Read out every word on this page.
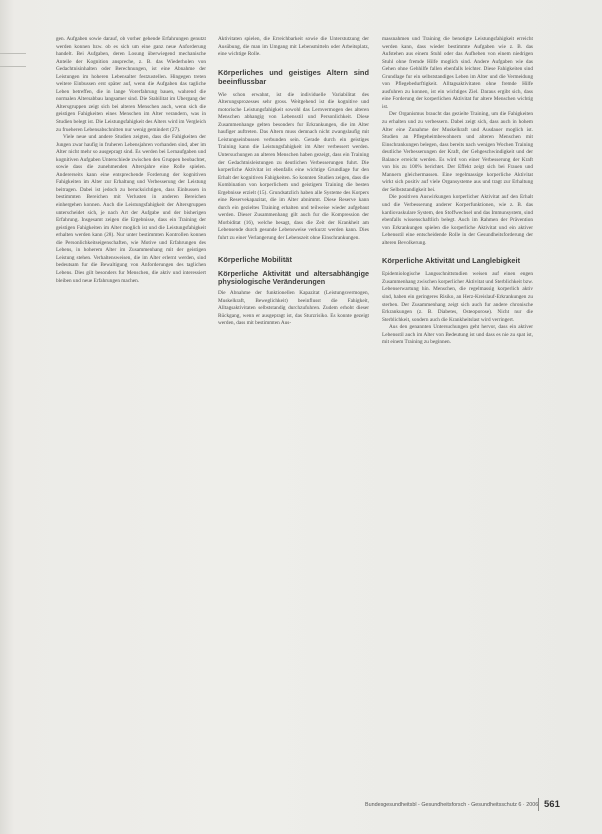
gen. Aufgaben sowie darauf, ob vorher gehende Erfahrungen genutzt werden konnen bzw. ob es sich um eine ganz neue Anforderung handelt. Bei Aufgaben, deren Losung überwiegend mechanische Anteile der Kognition anspreche, z. B. das Wiederholen von Gedachtnisinhalten oder Berechnungen, ist eine Abnahme der Leistungen im hoheren Lebensalter festzustellen. Hingegen treten weitere Einbussen erst später auf, wenn die Aufgaben das tagliche Leben betreffen, die in lange Vorerfahrung bauen, wahrend die normalen Altersabbau langsamer sind. Die Stabilitat im Ubergang der Altersgruppen zeigt sich bei alteren Menschen auch, wenn sich die geistigen Fahigkeiten eines Menschen im Alter verandern, was in Studien belegt ist. Die Leistungsfahigkeit des Alters wird im Vergleich zu frueheren Lebensabschnitten nur wenig gemindert (27).

Viele neue und andere Studien zeigten, dass die Fahigkeiten der Jungen zwar haufig in fruheren Lebensjahren vorhanden sind, aber im Alter nicht mehr so ausgepragt sind. Es werden bei Lernaufgaben und kognitiven Aufgaben Unterschiede zwischen den Gruppen beobachtet, sowie dass die zunehmenden Altersjahre eine Rolle spielen. Andererseits kann eine entsprechende Forderung der kognitiven Fahigkeiten im Alter zur Erhaltung und Verbesserung der Leistung beitragen. Dabei ist jedoch zu berucksichtigen, dass Einbussen in bestimmten Bereichen mit Verlusten in anderen Bereichen einhergehen konnen. Auch die Leistungsfahigkeit der Altersgruppen unterscheidet sich, je nach Art der Aufgabe und der bisherigen Erfahrung. Insgesamt zeigen die Ergebnisse, dass ein Training der geistigen Fahigkeiten im Alter moglich ist und die Leistungsfahigkeit erhalten werden kann (28). Nur unter bestimmten Kontrollen konnen die Personlichkeitseigenschaften, wie Motive und Erfahrungen des Lebens, in hoherem Alter im Zusammenhang mit der geistigen Leistung stehen. Verhaltensweisen, die im Alter erlernt werden, sind bedeutsam fur die Bewaltigung von Anforderungen des taglichen Lebens. Dies gilt besonders fur Menschen, die aktiv und interessiert bleiben und neue Erfahrungen machen.

Aktivitaten spielen, die Erreichbarkeit sowie die Unterstutzung der Ausübung, die man im Umgang mit Lebensmitteln oder Arbeitsplatz, eine wichtige Rolle.

Körperliches und geistiges Altern sind beeinflussbar

Wie schon erwahnt, ist die individuelle Variabilitat des Alterungsprozesses sehr gross. Weitgehend ist die kognitive und motorische Leistungsfahigkeit sowohl das Lernvermogen des alteren Menschen abhangig von Lebensstil und Personlichkeit. Diese Zusammenhange gelten besonders fur Erkrankungen, die im Alter haufiger auftreten. Das Altern muss demnach nicht zwangslaufig mit Leistungseinbussen verbunden sein. Gerade durch ein geistiges Training kann die Leistungsfahigkeit im Alter verbessert werden. Untersuchungen an alteren Menschen haben gezeigt, dass ein Training der Gedachtnisleistungen zu deutlichen Verbesserungen fuhrt. Die korperliche Aktivitat ist ebenfalls eine wichtige Grundlage fur den Erhalt der kognitiven Fahigkeiten. So konnten Studien zeigen, dass die Kombination von korperlichem und geistigem Training die besten Ergebnisse erzielt (15). Grundsatzlich haben alle Systeme des Korpers eine Reservekapazitat, die im Alter abnimmt. Diese Reserve kann durch ein gezieltes Training erhalten und teilweise wieder aufgebaut werden. Dieser Zusammenhang gilt auch fur die Kompression der Morbiditat (16), welche besagt, dass die Zeit der Krankheit am Lebensende durch gesunde Lebensweise verkurzt werden kann. Dies fuhrt zu einer Verlangerung der Lebenszeit ohne Einschrankungen.

Körperliche Mobilität
Körperliche Aktivität und altersabhängige physiologische Veränderungen

Die Abnahme der funktionellen Kapazitat (Leistungsvermogen, Muskelkraft, Beweglichkeit) beeinflusst die Fahigkeit, Alltagsaktivitaten selbststandig durchzufuhren. Zudem erhoht dieser Rückgang, wenn er ausgepragt ist, das Sturzrisiko. Es konnte gezeigt werden, dass mit bestimmten Aus-

massnahmen und Training die benotigte Leistungsfahigkeit erreicht werden kann, dass wieder bestimmte Aufgaben wie z. B. das Aufstehen aus einem Stuhl oder das Aufheben von einem niedrigen Stuhl ohne fremde Hilfe moglich sind. Andere Aufgaben wie das Gehen ohne Gehhilfe fallen ebenfalls leichter. Diese Fahigkeiten sind Grundlage fur ein selbststandiges Leben im Alter und die Vermeidung von Pflegebedurftigkeit. Alltagsaktivitaten ohne fremde Hilfe ausfuhren zu konnen, ist ein wichtiges Ziel. Daraus ergibt sich, dass eine Forderung der korperlichen Aktivitat fur altere Menschen wichtig ist.

Der Organismus braucht das gezielte Training, um die Fahigkeiten zu erhalten und zu verbessern. Dabei zeigt sich, dass auch in hohem Alter eine Zunahme der Muskelkraft und Ausdauer moglich ist. Studien an Pflegeheimbewohnern und alteren Menschen mit Einschrankungen belegen, dass bereits nach wenigen Wochen Training deutliche Verbesserungen der Kraft, der Gehgeschwindigkeit und der Balance erreicht werden. Es wird von einer Verbesserung der Kraft von bis zu 100% berichtet. Der Effekt zeigt sich bei Frauen und Mannern gleichermassen. Eine regelmassige korperliche Aktivitat wirkt sich positiv auf viele Organsysteme aus und tragt zur Erhaltung der Selbststandigkeit bei.

Die positiven Auswirkungen korperlicher Aktivitat auf den Erhalt und die Verbesserung anderer Korperfunktionen, wie z. B. das kardiovaskulare System, den Stoffwechsel und das Immunsystem, sind ebenfalls wissenschaftlich belegt. Auch im Rahmen der Prävention von Erkrankungen spielen die korperliche Aktivitat und ein aktiver Lebensstil eine entscheidende Rolle in der Gesundheitsforderung der alteren Bevolkerung.

Körperliche Aktivität und Langlebigkeit

Epidemiologische Langsschnittstudien weisen auf einen engen Zusammenhang zwischen korperlicher Aktivitat und Sterblichkeit bzw. Lebenserwartung hin. Menschen, die regelmassig korperlich aktiv sind, haben ein geringeres Risiko, an Herz-Kreislauf-Erkrankungen zu sterben. Der Zusammenhang zeigt sich auch fur andere chronische Erkrankungen (z. B. Diabetes, Osteoporose). Nicht nur die Sterblichkeit, sondern auch die Krankheitslast wird verringert.

Aus den genannten Untersuchungen geht hervor, dass ein aktiver Lebensstil auch im Alter von Bedeutung ist und dass es nie zu spat ist, mit einem Training zu beginnen.

Bundesgesundheitsbl - Gesundheitsforsch - Gesundheitsschutz 6 · 2006 561
